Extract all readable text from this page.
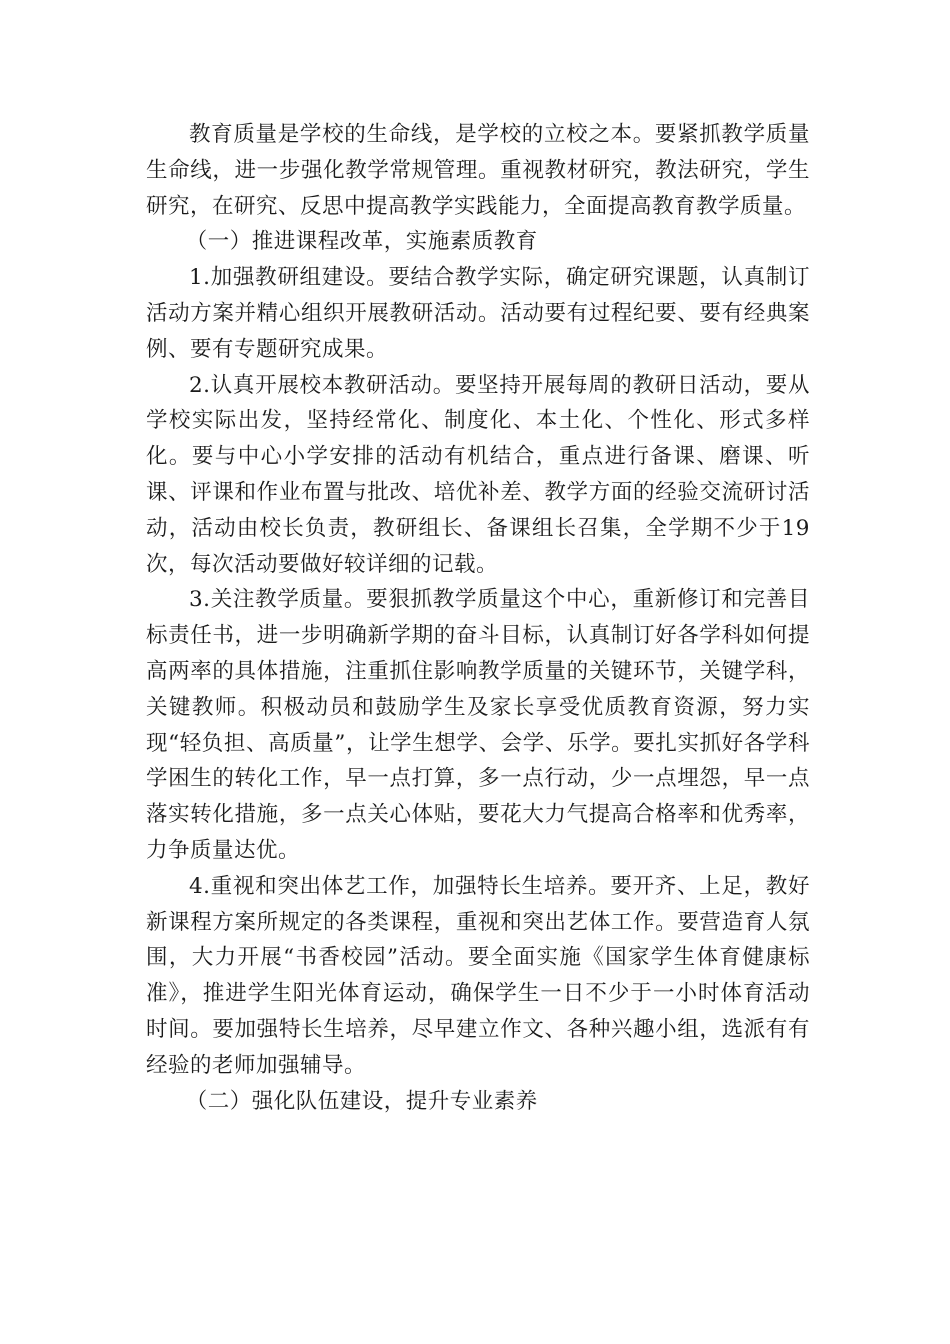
教育质量是学校的生命线，是学校的立校之本。要紧抓教学质量生命线，进一步强化教学常规管理。重视教材研究，教法研究，学生研究，在研究、反思中提高教学实践能力，全面提高教育教学质量。

（一）推进课程改革，实施素质教育

1.加强教研组建设。要结合教学实际，确定研究课题，认真制订活动方案并精心组织开展教研活动。活动要有过程纪要、要有经典案例、要有专题研究成果。

2.认真开展校本教研活动。要坚持开展每周的教研日活动，要从学校实际出发，坚持经常化、制度化、本土化、个性化、形式多样化。要与中心小学安排的活动有机结合，重点进行备课、磨课、听课、评课和作业布置与批改、培优补差、教学方面的经验交流研讨活动，活动由校长负责，教研组长、备课组长召集，全学期不少于19次，每次活动要做好较详细的记载。

3.关注教学质量。要狠抓教学质量这个中心，重新修订和完善目标责任书，进一步明确新学期的奋斗目标，认真制订好各学科如何提高两率的具体措施，注重抓住影响教学质量的关键环节，关键学科，关键教师。积极动员和鼓励学生及家长享受优质教育资源，努力实现“轻负担、高质量”，让学生想学、会学、乐学。要扎实抓好各学科学困生的转化工作，早一点打算，多一点行动，少一点埋怨，早一点落实转化措施，多一点关心体贴，要花大力气提高合格率和优秀率，力争质量达优。

4.重视和突出体艺工作，加强特长生培养。要开齐、上足，教好新课程方案所规定的各类课程，重视和突出艺体工作。要营造育人氛围，大力开展“书香校园”活动。要全面实施《国家学生体育健康标准》，推进学生阳光体育运动，确保学生一日不少于一小时体育活动时间。要加强特长生培养，尽早建立作文、各种兴趣小组，选派有有经验的老师加强辅导。

（二）强化队伍建设，提升专业素养
